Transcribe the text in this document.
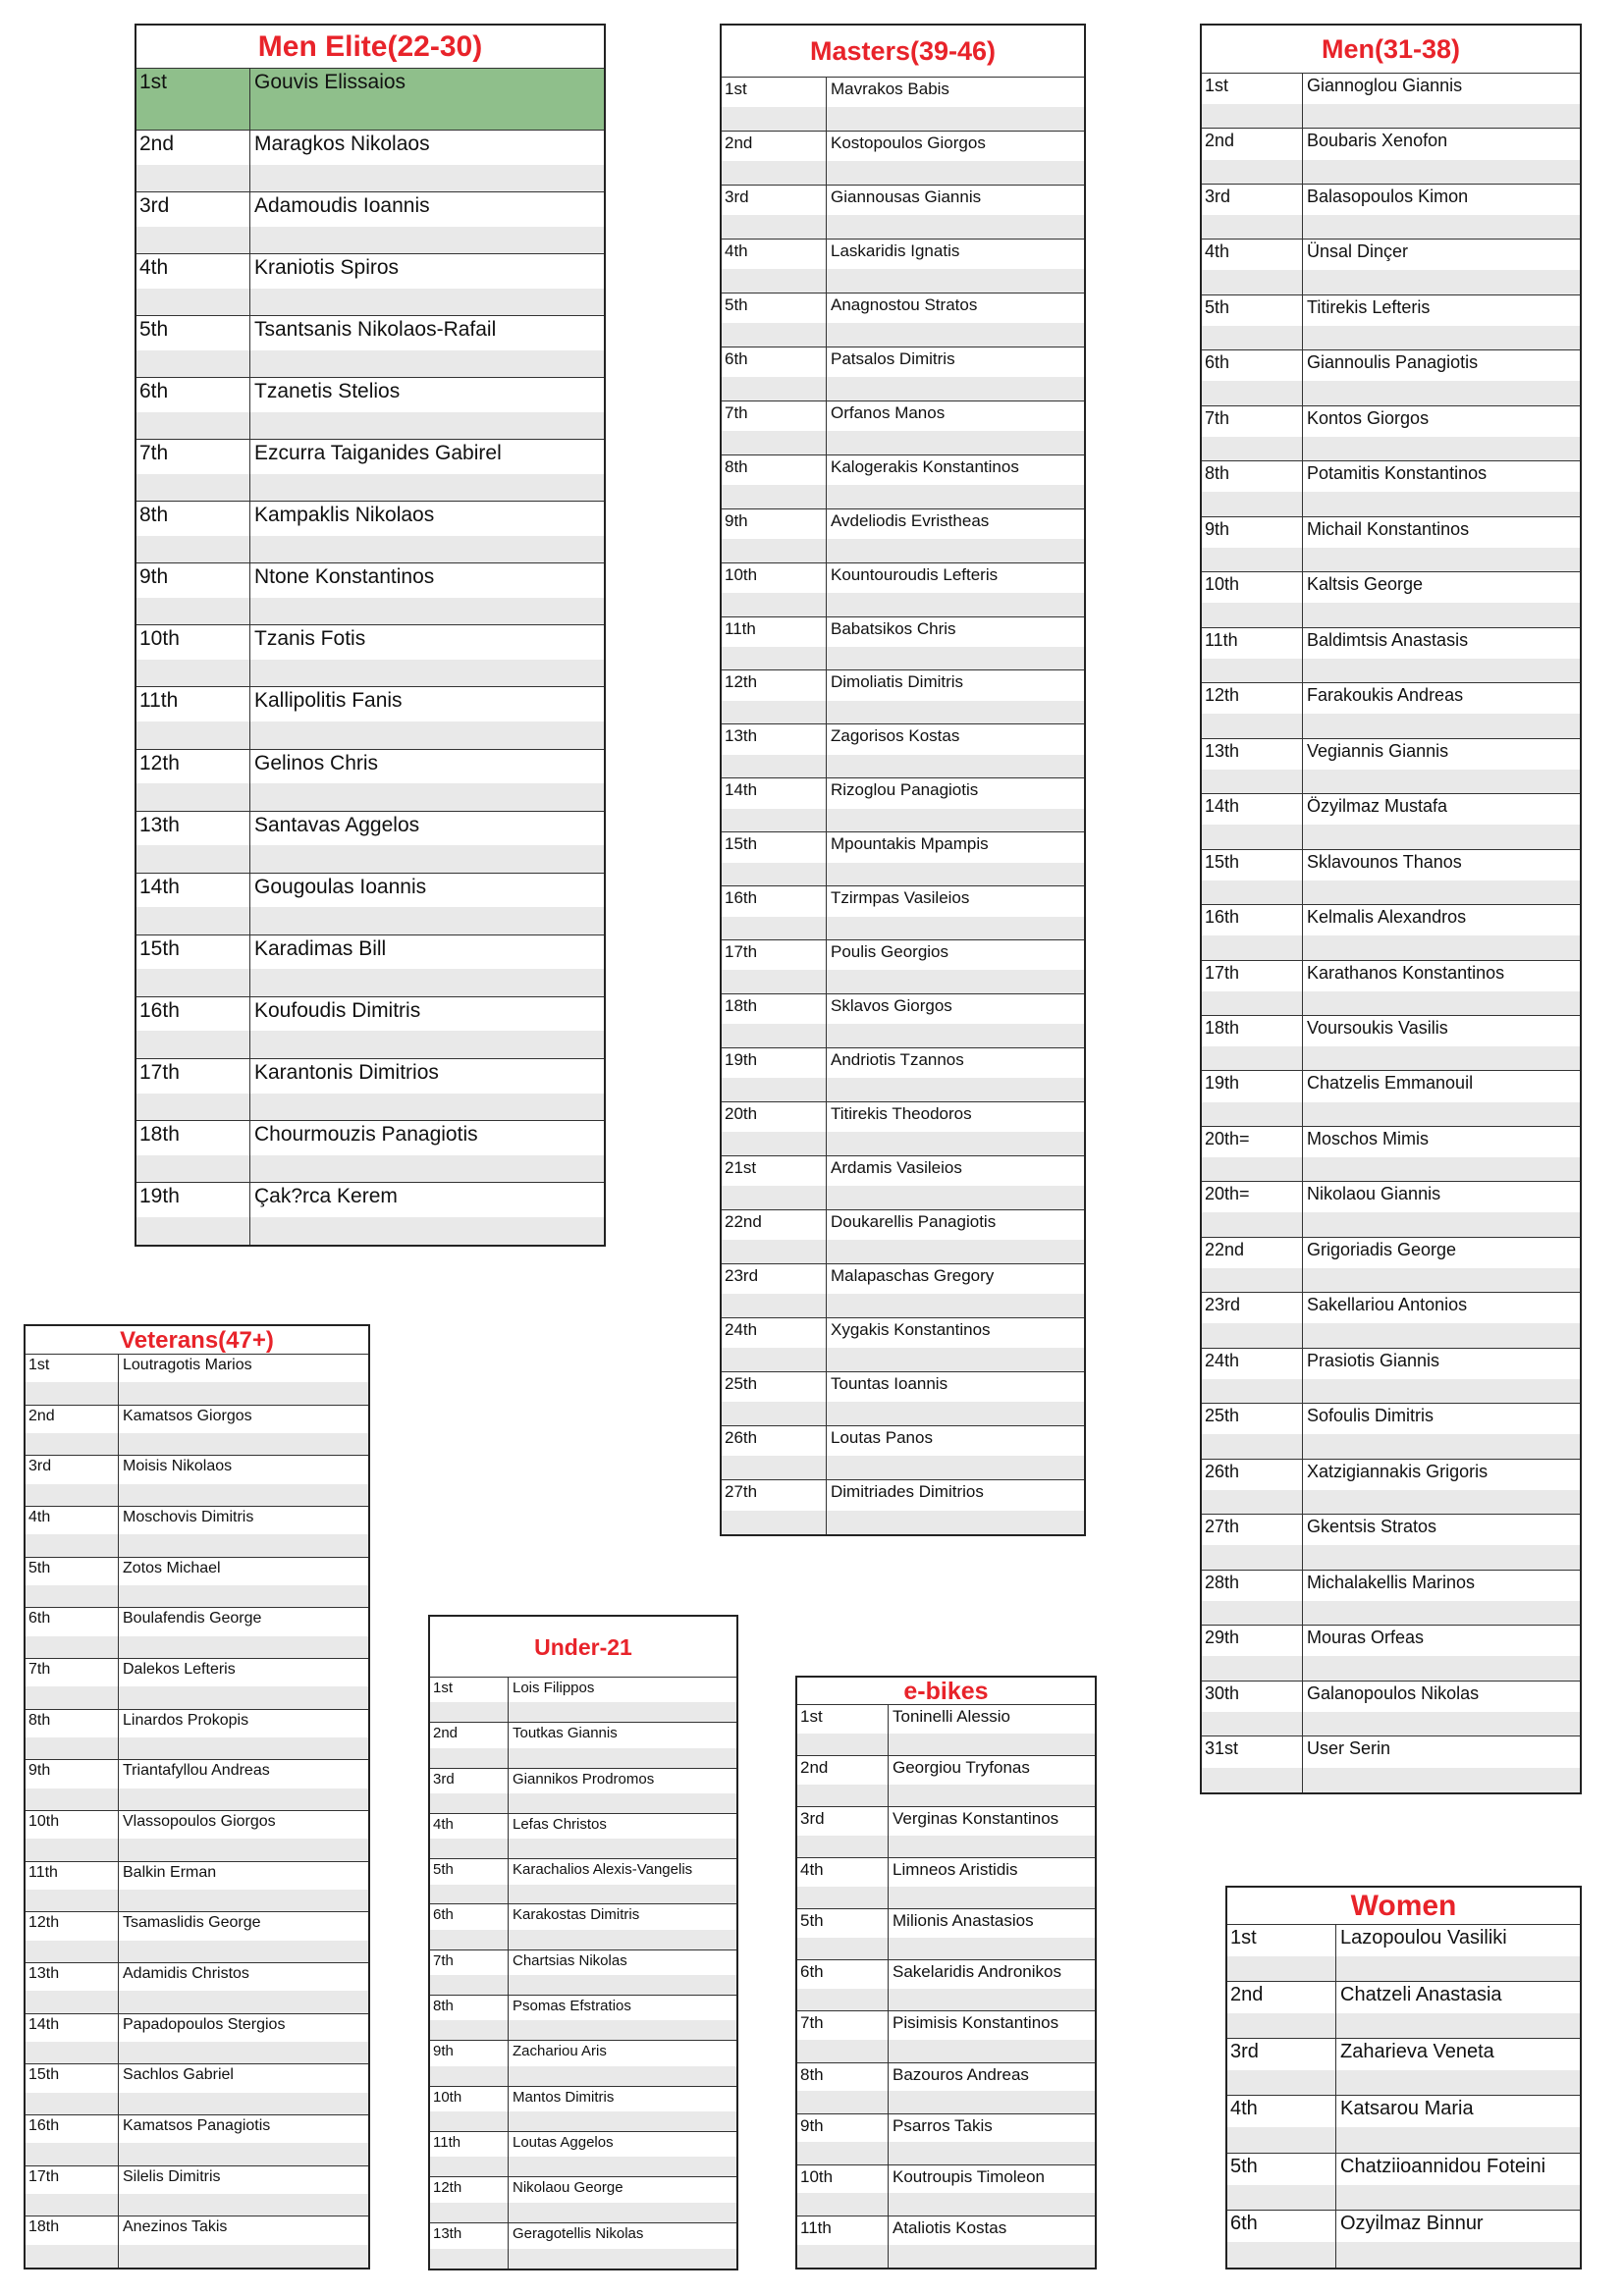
Men Elite(22-30)
1st	Gouvis Elissaios
2nd	Maragkos Nikolaos
3rd	Adamoudis Ioannis
4th	Kraniotis Spiros
5th	Tsantsanis Nikolaos-Rafail
6th	Tzanetis Stelios
7th	Ezcurra Taiganides Gabirel
8th	Kampaklis Nikolaos
9th	Ntone Konstantinos
10th	Tzanis Fotis
11th	Kallipolitis Fanis
12th	Gelinos Chris
13th	Santavas Aggelos
14th	Gougoulas Ioannis
15th	Karadimas Bill
16th	Koufoudis Dimitris
17th	Karantonis Dimitrios
18th	Chourmouzis Panagiotis
19th	Çak?rca Kerem
Masters(39-46)
1st	Mavrakos Babis
2nd	Kostopoulos Giorgos
3rd	Giannousas Giannis
4th	Laskaridis Ignatis
5th	Anagnostou Stratos
6th	Patsalos Dimitris
7th	Orfanos Manos
8th	Kalogerakis Konstantinos
9th	Avdeliodis Evristheas
10th	Kountouroudis Lefteris
11th	Babatsikos Chris
12th	Dimoliatis Dimitris
13th	Zagorisos Kostas
14th	Rizoglou Panagiotis
15th	Mpountakis Mpampis
16th	Tzirmpas Vasileios
17th	Poulis Georgios
18th	Sklavos Giorgos
19th	Andriotis Tzannos
20th	Titirekis Theodoros
21st	Ardamis Vasileios
22nd	Doukarellis Panagiotis
23rd	Malapaschas Gregory
24th	Xygakis Konstantinos
25th	Tountas Ioannis
26th	Loutas Panos
27th	Dimitriades Dimitrios
Men(31-38)
1st	Giannoglou Giannis
2nd	Boubaris Xenofon
3rd	Balasopoulos Kimon
4th	Ünsal Dinçer
5th	Titirekis Lefteris
6th	Giannoulis Panagiotis
7th	Kontos Giorgos
8th	Potamitis Konstantinos
9th	Michail Konstantinos
10th	Kaltsis George
11th	Baldimtsis Anastasis
12th	Farakoukis Andreas
13th	Vegiannis Giannis
14th	Özyilmaz Mustafa
15th	Sklavounos Thanos
16th	Kelmalis Alexandros
17th	Karathanos Konstantinos
18th	Voursoukis Vasilis
19th	Chatzelis Emmanouil
20th=	Moschos Mimis
20th=	Nikolaou Giannis
22nd	Grigoriadis George
23rd	Sakellariou Antonios
24th	Prasiotis Giannis
25th	Sofoulis Dimitris
26th	Xatzigiannakis Grigoris
27th	Gkentsis Stratos
28th	Michalakellis Marinos
29th	Mouras Orfeas
30th	Galanopoulos Nikolas
31st	User Serin
Veterans(47+)
1st	Loutragotis Marios
2nd	Kamatsos Giorgos
3rd	Moisis Nikolaos
4th	Moschovis Dimitris
5th	Zotos Michael
6th	Boulafendis George
7th	Dalekos Lefteris
8th	Linardos Prokopis
9th	Triantafyllou Andreas
10th	Vlassopoulos Giorgos
11th	Balkin Erman
12th	Tsamaslidis George
13th	Adamidis Christos
14th	Papadopoulos Stergios
15th	Sachlos Gabriel
16th	Kamatsos Panagiotis
17th	Silelis Dimitris
18th	Anezinos Takis
Under-21
1st	Lois Filippos
2nd	Toutkas Giannis
3rd	Giannikos Prodromos
4th	Lefas Christos
5th	Karachalios Alexis-Vangelis
6th	Karakostas Dimitris
7th	Chartsias Nikolas
8th	Psomas Efstratios
9th	Zachariou Aris
10th	Mantos Dimitris
11th	Loutas Aggelos
12th	Nikolaou George
13th	Geragotellis Nikolas
e-bikes
1st	Toninelli Alessio
2nd	Georgiou Tryfonas
3rd	Verginas Konstantinos
4th	Limneos Aristidis
5th	Milionis Anastasios
6th	Sakelaridis Andronikos
7th	Pisimisis Konstantinos
8th	Bazouros Andreas
9th	Psarros Takis
10th	Koutroupis Timoleon
11th	Ataliotis Kostas
Women
1st	Lazopoulou Vasiliki
2nd	Chatzeli Anastasia
3rd	Zaharieva Veneta
4th	Katsarou Maria
5th	Chatziioannidou Foteini
6th	Ozyilmaz Binnur
